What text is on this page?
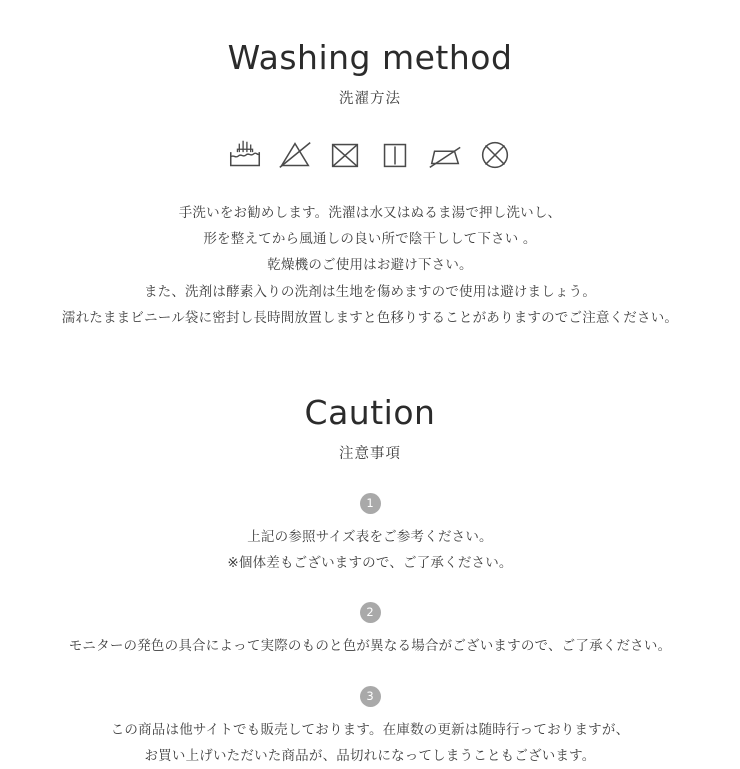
Washing method
洗濯方法
手洗いをお勧めします。洗濯は水又はぬるま湯で押し洗いし、
形を整えてから風通しの良い所で陰干しして下さい 。
乾燥機のご使用はお避け下さい。
また、洗剤は酵素入りの洗剤は生地を傷めますので使用は避けましょう。
濡れたままビニール袋に密封し長時間放置しますと色移りすることがありますのでご注意ください。
Caution
注意事項
1
上記の参照サイズ表をご参考ください。
※個体差もございますので、ご了承ください。
2
モニターの発色の具合によって実際のものと色が異なる場合がございますので、ご了承ください。
3
この商品は他サイトでも販売しております。在庫数の更新は随時行っておりますが、
お買い上げいただいた商品が、品切れになってしまうこともございます。
